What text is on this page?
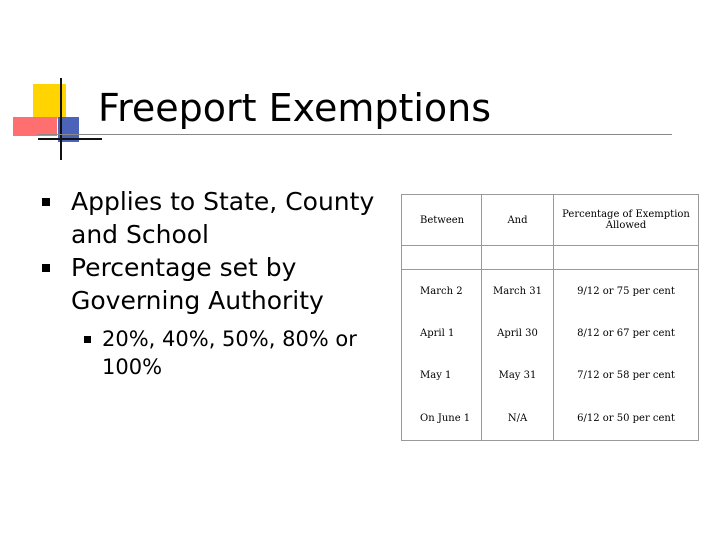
Freeport Exemptions
Applies to State, County and School
Percentage set by Governing Authority
20%, 40%, 50%, 80% or 100%
Between	And	Percentage of Exemption Allowed

March 2	March 31	9/12 or 75 per cent
April 1	April 30	8/12 or 67 per cent
May 1	May 31	7/12 or 58 per cent
On June 1	N/A	6/12 or 50 per cent
